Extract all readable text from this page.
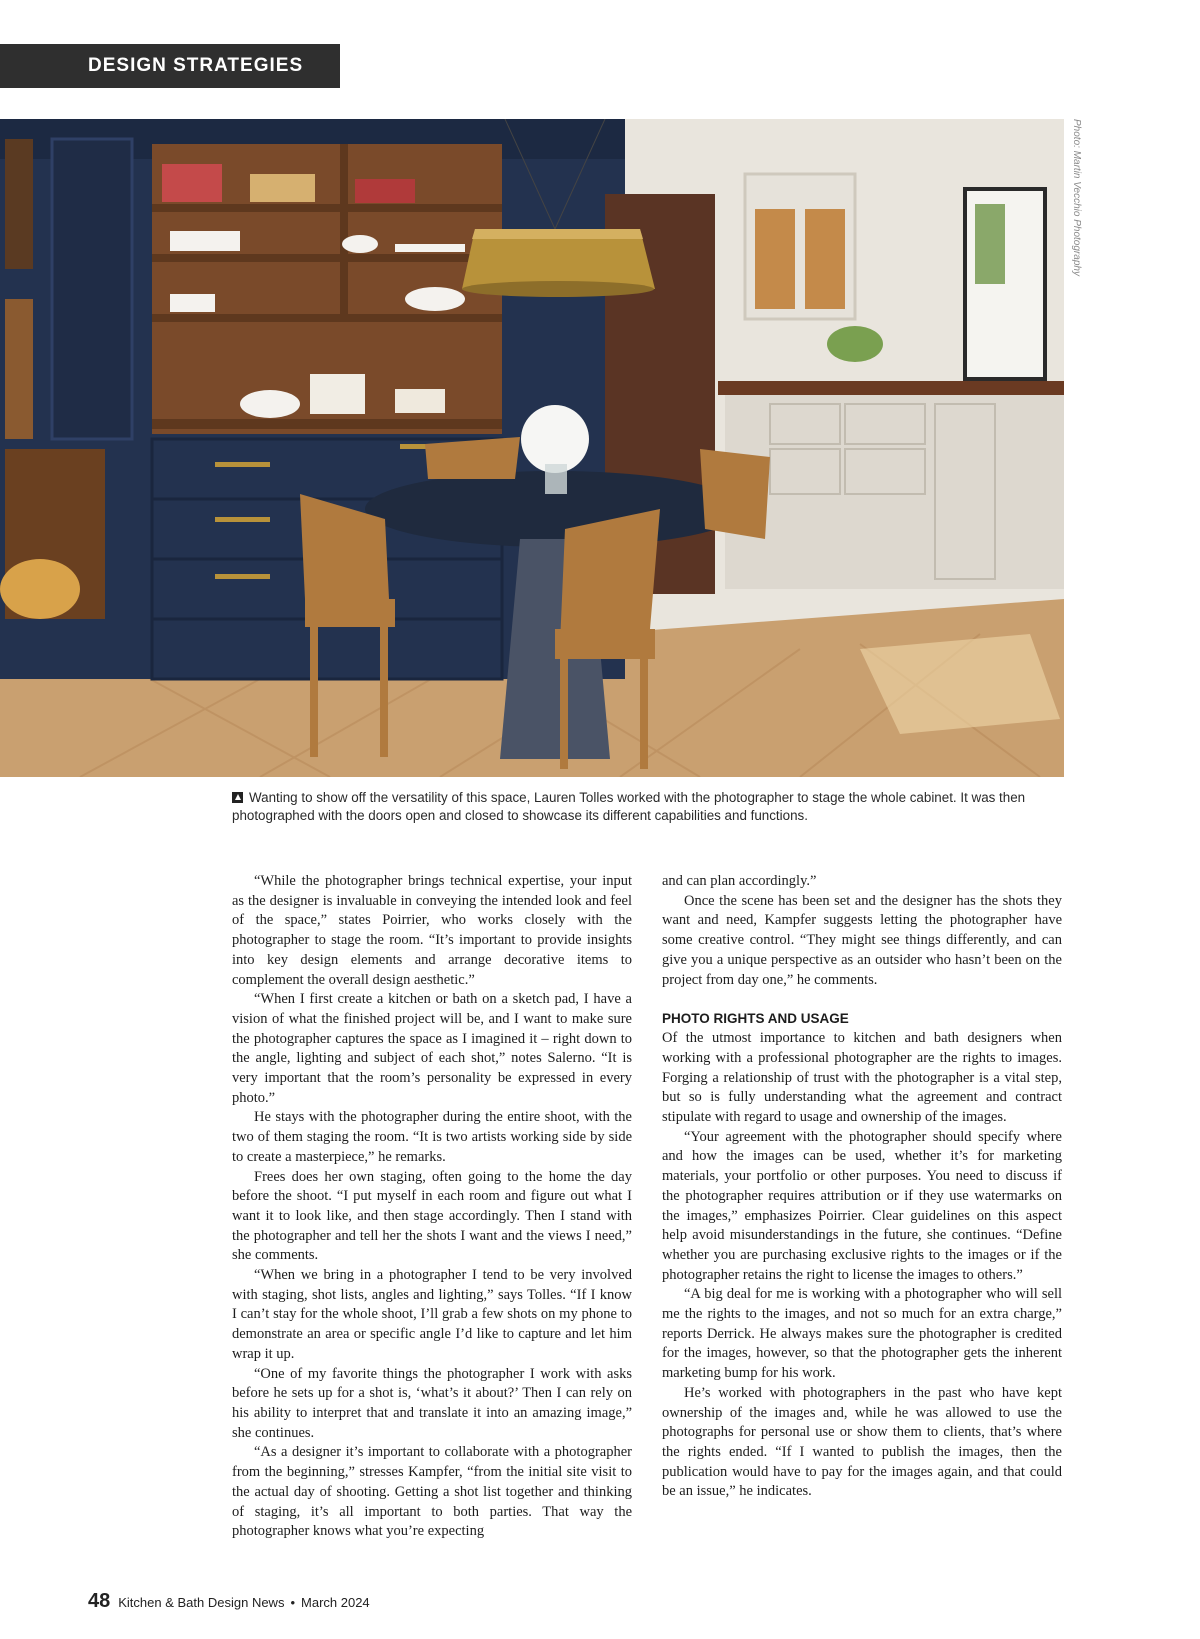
DESIGN STRATEGIES
Photo: Martin Vecchio Photography
Wanting to show off the versatility of this space, Lauren Tolles worked with the photographer to stage the whole cabinet. It was then photographed with the doors open and closed to showcase its different capabilities and functions.

“While the photographer brings technical expertise, your input as the designer is invaluable in conveying the intended look and feel of the space,” states Poirrier, who works closely with the photographer to stage the room. “It’s important to provide insights into key design elements and arrange decorative items to complement the overall design aesthetic.”

“When I first create a kitchen or bath on a sketch pad, I have a vision of what the finished project will be, and I want to make sure the photographer captures the space as I imagined it – right down to the angle, lighting and subject of each shot,” notes Salerno. “It is very important that the room’s personality be expressed in every photo.”

He stays with the photographer during the entire shoot, with the two of them staging the room. “It is two artists working side by side to create a masterpiece,” he remarks.

Frees does her own staging, often going to the home the day before the shoot. “I put myself in each room and figure out what I want it to look like, and then stage accordingly. Then I stand with the photographer and tell her the shots I want and the views I need,” she comments.

“When we bring in a photographer I tend to be very involved with staging, shot lists, angles and lighting,” says Tolles. “If I know I can’t stay for the whole shoot, I’ll grab a few shots on my phone to demonstrate an area or specific angle I’d like to capture and let him wrap it up.

“One of my favorite things the photographer I work with asks before he sets up for a shot is, ‘what’s it about?’ Then I can rely on his ability to interpret that and translate it into an amazing image,” she continues.

“As a designer it’s important to collaborate with a photographer from the beginning,” stresses Kampfer, “from the initial site visit to the actual day of shooting. Getting a shot list together and thinking of staging, it’s all important to both parties. That way the photographer knows what you’re expecting

and can plan accordingly.”

Once the scene has been set and the designer has the shots they want and need, Kampfer suggests letting the photographer have some creative control. “They might see things differently, and can give you a unique perspective as an outsider who hasn’t been on the project from day one,” he comments.

PHOTO RIGHTS AND USAGE

Of the utmost importance to kitchen and bath designers when working with a professional photographer are the rights to images. Forging a relationship of trust with the photographer is a vital step, but so is fully understanding what the agreement and contract stipulate with regard to usage and ownership of the images.

“Your agreement with the photographer should specify where and how the images can be used, whether it’s for marketing materials, your portfolio or other purposes. You need to discuss if the photographer requires attribution or if they use watermarks on the images,” emphasizes Poirrier. Clear guidelines on this aspect help avoid misunderstandings in the future, she continues. “Define whether you are purchasing exclusive rights to the images or if the photographer retains the right to license the images to others.”

“A big deal for me is working with a photographer who will sell me the rights to the images, and not so much for an extra charge,” reports Derrick. He always makes sure the photographer is credited for the images, however, so that the photographer gets the inherent marketing bump for his work.

He’s worked with photographers in the past who have kept ownership of the images and, while he was allowed to use the photographs for personal use or show them to clients, that’s where the rights ended. “If I wanted to publish the images, then the publication would have to pay for the images again, and that could be an issue,” he indicates.

48 Kitchen & Bath Design News • March 2024
